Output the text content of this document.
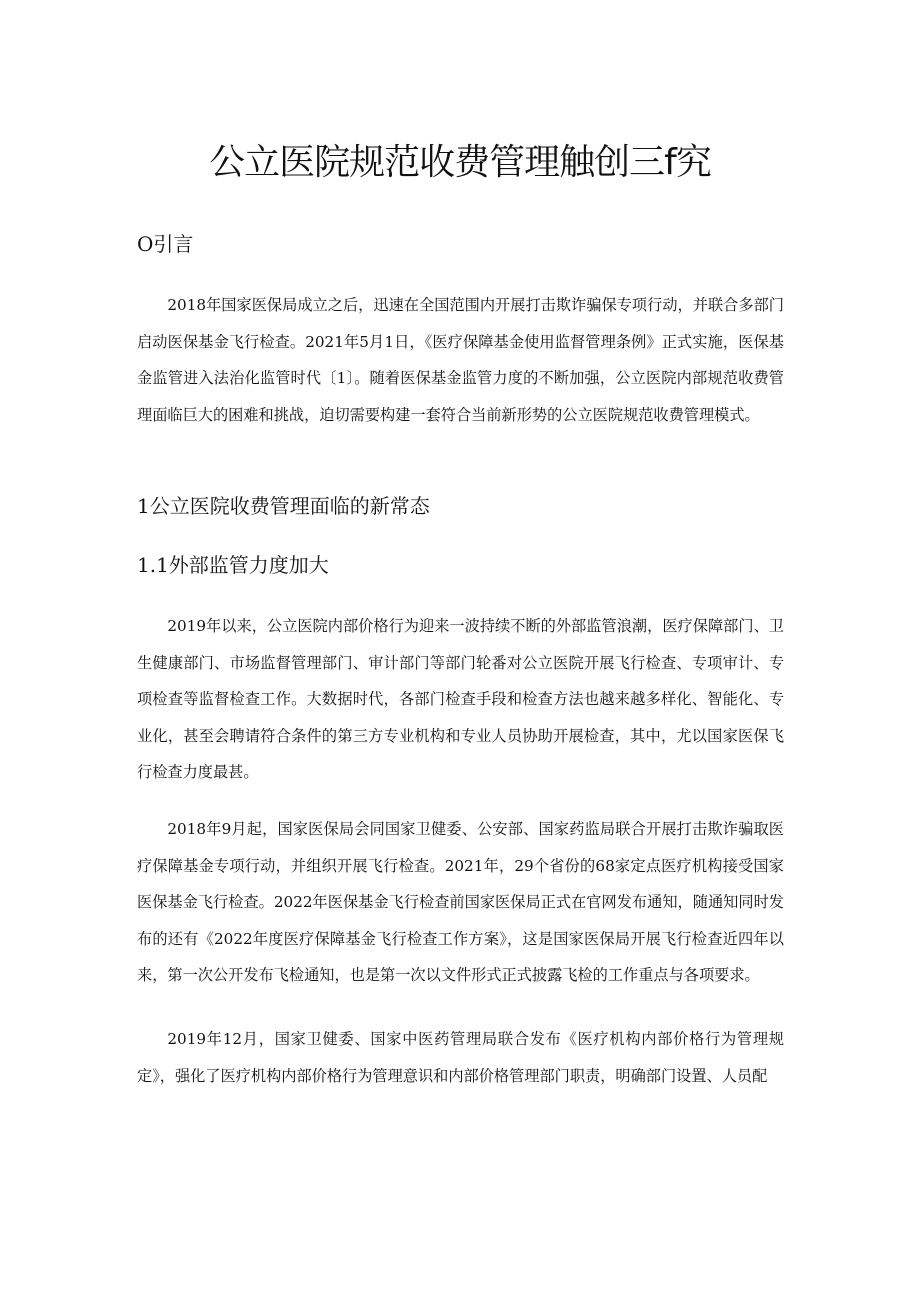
公立医院规范收费管理触创三f究
O引言

2018年国家医保局成立之后，迅速在全国范围内开展打击欺诈骗保专项行动，并联合多部门启动医保基金飞行检查。2021年5月1日，《医疗保障基金使用监督管理条例》正式实施，医保基金监管进入法治化监管时代〔1〕。随着医保基金监管力度的不断加强，公立医院内部规范收费管理面临巨大的困难和挑战，迫切需要构建一套符合当前新形势的公立医院规范收费管理模式。

1公立医院收费管理面临的新常态
1.1外部监管力度加大

2019年以来，公立医院内部价格行为迎来一波持续不断的外部监管浪潮，医疗保障部门、卫生健康部门、市场监督管理部门、审计部门等部门轮番对公立医院开展飞行检查、专项审计、专项检查等监督检查工作。大数据时代，各部门检查手段和检查方法也越来越多样化、智能化、专业化，甚至会聘请符合条件的第三方专业机构和专业人员协助开展检查，其中，尤以国家医保飞行检查力度最甚。

2018年9月起，国家医保局会同国家卫健委、公安部、国家药监局联合开展打击欺诈骗取医疗保障基金专项行动，并组织开展飞行检查。2021年，29个省份的68家定点医疗机构接受国家医保基金飞行检查。2022年医保基金飞行检查前国家医保局正式在官网发布通知，随通知同时发布的还有《2022年度医疗保障基金飞行检查工作方案》，这是国家医保局开展飞行检查近四年以来，第一次公开发布飞检通知，也是第一次以文件形式正式披露飞检的工作重点与各项要求。

2019年12月，国家卫健委、国家中医药管理局联合发布《医疗机构内部价格行为管理规定》，强化了医疗机构内部价格行为管理意识和内部价格管理部门职责，明确部门设置、人员配
